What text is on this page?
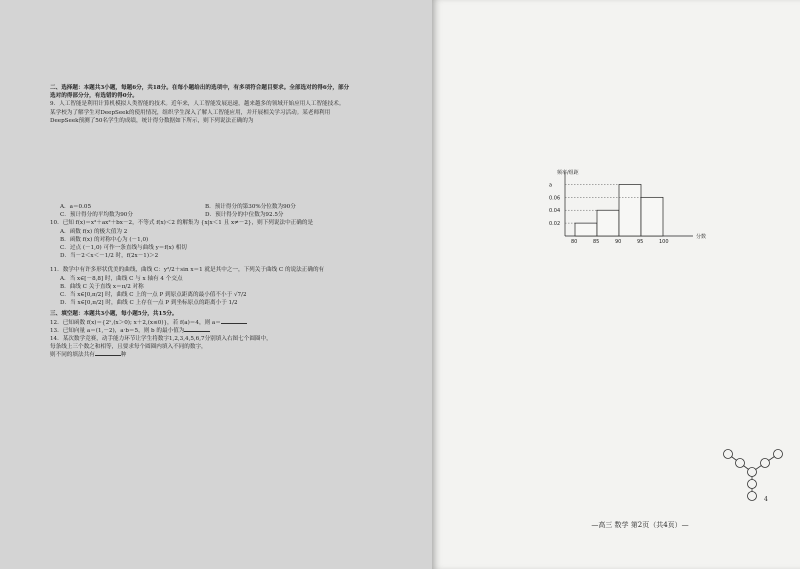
二、选择题：本题共3小题，每题6分，共18分。在每小题给出的选项中，有多项符合题目要求。全部选对的得6分，部分选对的得部分分，有选错的得0分。
9．人工智能是利用计算机模拟人类智能的技术。近年来，人工智能发展迅速，越来越多的领域开始应用人工智能技术。某学校为了解学生对DeepSeek的使用情况，组织学生深入了解人工智能应用，并开展相关学习活动。某老师利用DeepSeek预测了50名学生的成绩，统计得分数据如下所示，则下列说法正确的为
A．a＝0.05	B．预计得分的第30%分位数为90分
C．预计得分的平均数为90分	D．预计得分的中位数为92.5分
10．已知 f(x)＝x³＋ax²＋bx－2，不等式 f(x)＜2 的解集为 {x|x＜1 且 x≠－2}，则下列说法中正确的是
A．函数 f(x) 的极大值为 2
B．函数 f(x) 的对称中心为 (－1,0)
C．过点 (－1,0) 可作一条直线与曲线 y＝f(x) 相切
D．当－2＜x＜－1/2 时，f(2x－1)＞2
11．数学中有许多形状优美的曲线，曲线 C：y²/2＋sin x＝1 就是其中之一，下列关于曲线 C 的说法正确的有
A．当 x∈[－8,8] 时，曲线 C 与 x 轴有 4 个交点
B．曲线 C 关于直线 x＝π/2 对称
C．当 x∈[0,π/2] 时，曲线 C 上的一点 P 到原点距离的最小值不小于 √7/2
D．当 x∈[0,π/2] 时，曲线 C 上存在一点 P 到坐标原点的距离小于 1/2
三、填空题：本题共3小题，每小题5分，共15分。
12．已知函数 f(x)＝{2ˣ,(x＞0); x＋2,(x≤0)}，若 f(a)＝4，则 a＝
13．已知向量 a＝(1,－2)，a·b＝5，则 b 的最小值为
14．某次数学竞赛，动手能力环节让学生将数字1,2,3,4,5,6,7分别填入右图七个圆圈中，
每条线上三个数之和相等，且要求每个圆圈内填入不同的数字，
则不同的填法共有	种
频率/组距
分数
0.02
0.04
0.06
a
80	85	90	95	100
4
—高三 数学 第2页（共4页）—
